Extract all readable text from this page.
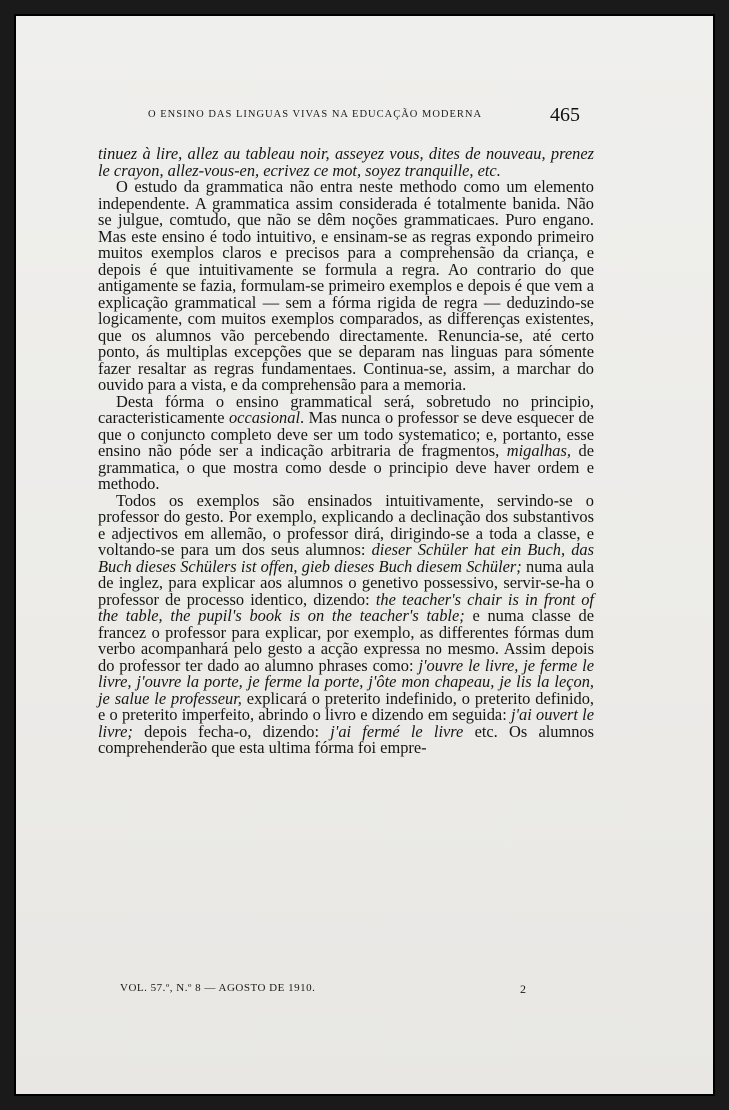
O ENSINO DAS LINGUAS VIVAS NA EDUCAÇÃO MODERNA	465

tinuez à lire, allez au tableau noir, asseyez vous, dites de nouveau, prenez le crayon, allez-vous-en, ecrivez ce mot, soyez tranquille, etc.

O estudo da grammatica não entra neste methodo como um elemento independente. A grammatica assim considerada é totalmente banida. Não se julgue, comtudo, que não se dêm noções grammaticaes. Puro engano. Mas este ensino é todo intuitivo, e ensinam-se as regras expondo primeiro muitos exemplos claros e precisos para a comprehensão da criança, e depois é que intuitivamente se formula a regra. Ao contrario do que antigamente se fazia, formulam-se primeiro exemplos e depois é que vem a explicação grammatical — sem a fórma rigida de regra — deduzindo-se logicamente, com muitos exemplos comparados, as differenças existentes, que os alumnos vão percebendo directamente. Renuncia-se, até certo ponto, ás multiplas excepções que se deparam nas linguas para sómente fazer resaltar as regras fundamentaes. Continua-se, assim, a marchar do ouvido para a vista, e da comprehensão para a memoria.

Desta fórma o ensino grammatical será, sobretudo no principio, caracteristicamente occasional. Mas nunca o professor se deve esquecer de que o conjuncto completo deve ser um todo systematico; e, portanto, esse ensino não póde ser a indicação arbitraria de fragmentos, migalhas, de grammatica, o que mostra como desde o principio deve haver ordem e methodo.

Todos os exemplos são ensinados intuitivamente, servindo-se o professor do gesto. Por exemplo, explicando a declinação dos substantivos e adjectivos em allemão, o professor dirá, dirigindo-se a toda a classe, e voltando-se para um dos seus alumnos: dieser Schüler hat ein Buch, das Buch dieses Schülers ist offen, gieb dieses Buch diesem Schüler; numa aula de inglez, para explicar aos alumnos o genetivo possessivo, servir-se-ha o professor de processo identico, dizendo: the teacher's chair is in front of the table, the pupil's book is on the teacher's table; e numa classe de francez o professor para explicar, por exemplo, as differentes fórmas dum verbo acompanhará pelo gesto a acção expressa no mesmo. Assim depois do professor ter dado ao alumno phrases como: j'ouvre le livre, je ferme le livre, j'ouvre la porte, je ferme la porte, j'ôte mon chapeau, je lis la leçon, je salue le professeur, explicará o preterito indefinido, o preterito definido, e o preterito imperfeito, abrindo o livro e dizendo em seguida: j'ai ouvert le livre; depois fecha-o, dizendo: j'ai fermé le livre etc. Os alumnos comprehenderão que esta ultima fórma foi empre-

VOL. 57.º, N.º 8 — AGOSTO DE 1910.	2
